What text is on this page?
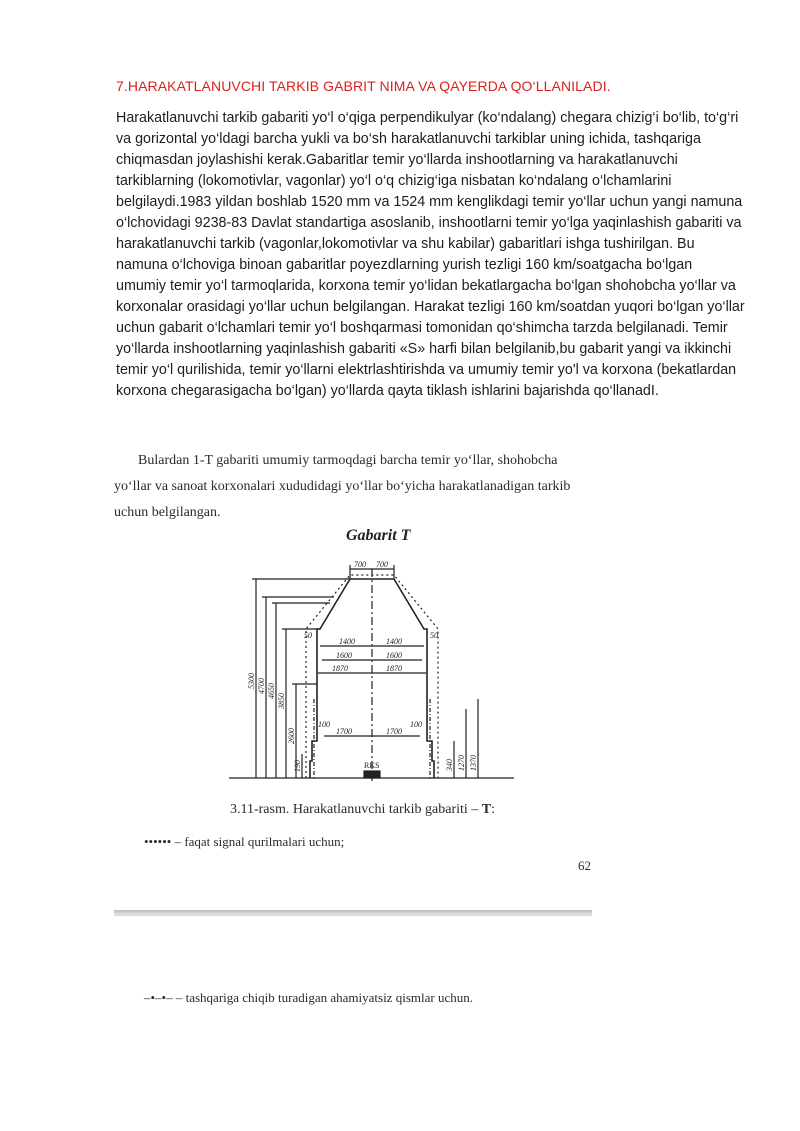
7.HARAKATLANUVCHI TARKIB GABRIT NIMA VA QAYERDA QO‘LLANILADI.
Harakatlanuvchi tarkib gabariti yo‘l o‘qiga perpendikulyar (ko‘ndalang) chegara chizig‘i bo‘lib, to‘g‘ri va gorizontal yo‘ldagi barcha yukli va bo‘sh harakatlanuvchi tarkiblar uning ichida, tashqariga chiqmasdan joylashishi kerak.Gabaritlar temir yo‘llarda inshootlarning va harakatlanuvchi tarkiblarning (lokomotivlar, vagonlar) yo‘l o‘q chizig‘iga nisbatan ko‘ndalang o‘lchamlarini belgilaydi.1983 yildan boshlab 1520 mm va 1524 mm kenglikdagi temir yo‘llar uchun yangi namuna o‘lchovidagi 9238-83 Davlat standartiga asoslanib, inshootlarni temir yo‘lga yaqinlashish gabariti va harakatlanuvchi tarkib (vagonlar,lokomotivlar va shu kabilar) gabaritlari ishga tushirilgan. Bu namuna o‘lchoviga binoan gabaritlar poyezdlarning yurish tezligi 160 km/soatgacha bo‘lgan umumiy temir yo‘l tarmoqlarida, korxona temir yo‘lidan bekatlargacha bo‘lgan shohobcha yo‘llar va korxonalar orasidagi yo‘llar uchun belgilangan. Harakat tezligi 160 km/soatdan yuqori bo‘lgan yo‘llar uchun gabarit o‘lchamlari temir yo‘l boshqarmasi tomonidan qo‘shimcha tarzda belgilanadi. Temir yo‘llarda inshootlarning yaqinlashish gabariti «S» harfi bilan belgilanib,bu gabarit yangi va ikkinchi temir yo‘l qurilishida, temir yo‘llarni elektrlashtirishda va umumiy temir yo'l va korxona (bekatlardan korxona chegarasigacha bo‘lgan) yo‘llarda qayta tiklash ishlarini bajarishda qo‘llanadI.
Bulardan 1-T gabariti umumiy tarmoqdagi barcha temir yo‘llar, shohobcha yo‘llar va sanoat korxonalari xududidagi yo‘llar bo‘yicha harakatlanadigan tarkib uchun belgilangan.
Gabarit T
700 700
1400	1400
1600	1600
1870	1870
1700	1700
50	50
100	100
RKS
5300 4700 4650
3850
2600
190	340 1270 1370
3.11-rasm. Harakatlanuvchi tarkib gabariti – T:
•••••• – faqat signal qurilmalari uchun;
62
–•–•– – tashqariga chiqib turadigan ahamiyatsiz qismlar uchun.
